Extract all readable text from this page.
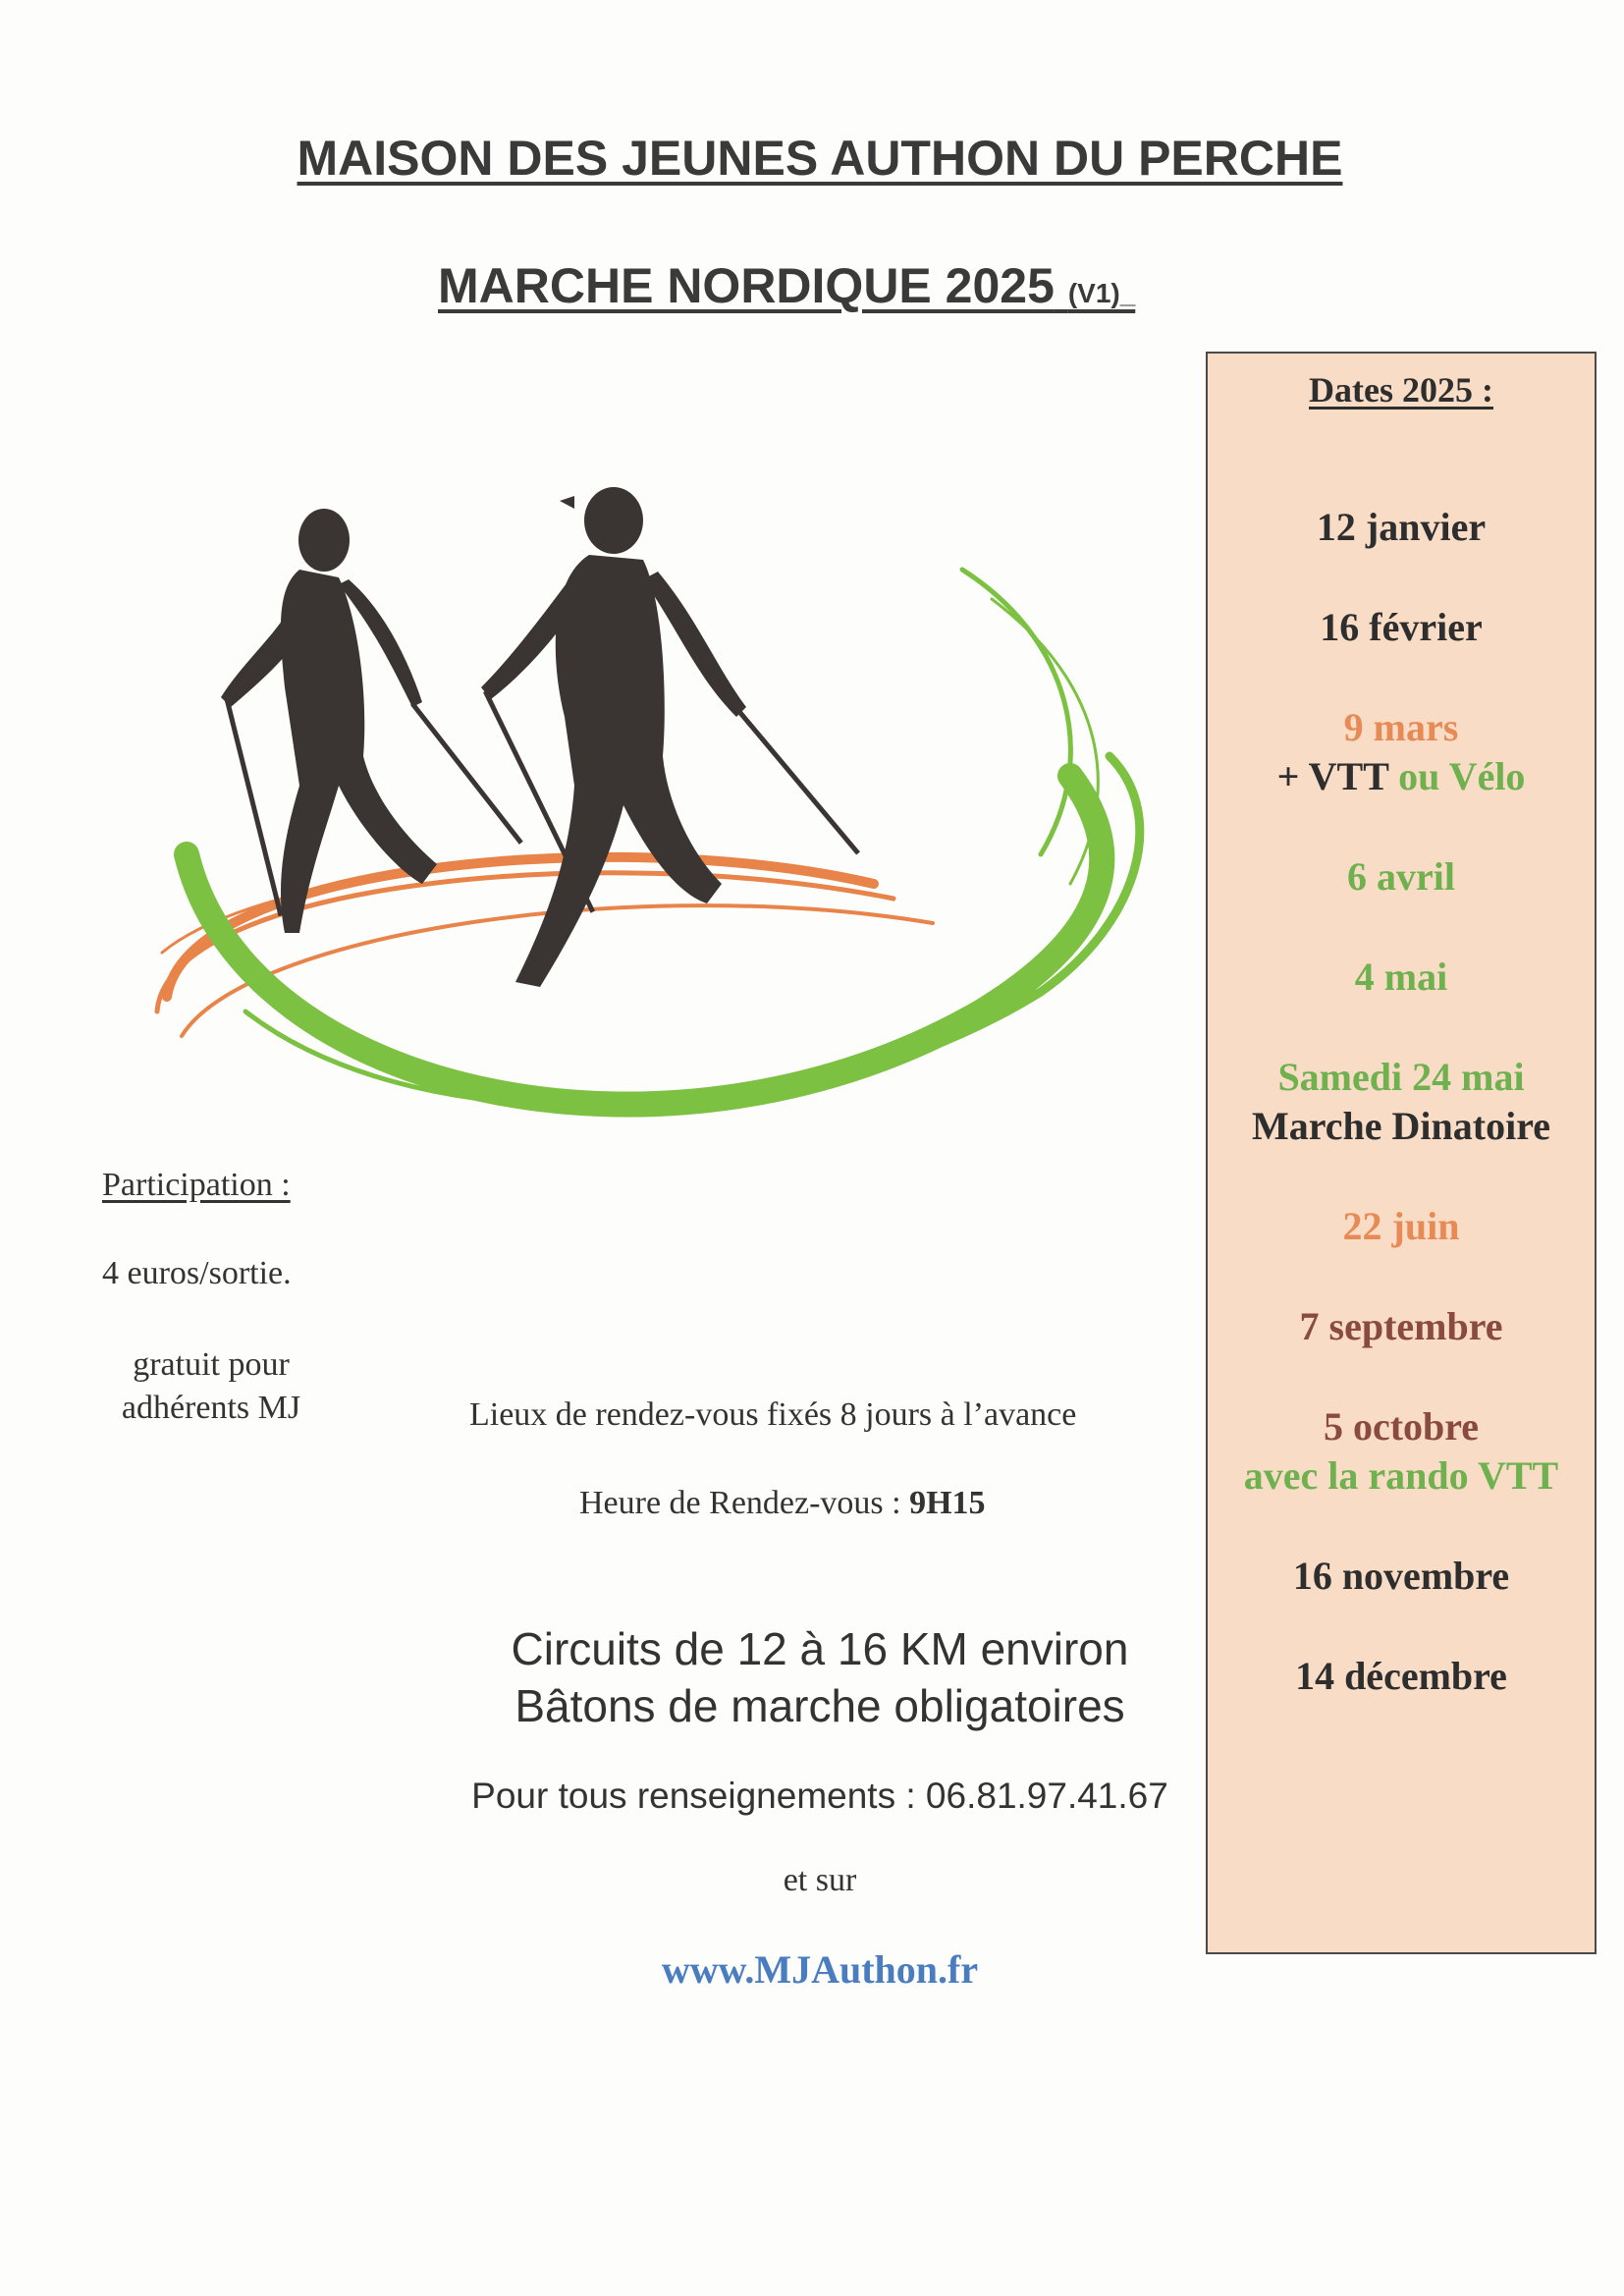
MAISON DES JEUNES AUTHON DU PERCHE
MARCHE NORDIQUE 2025 (V1)_
Dates 2025 :
12 janvier
16 février
9 mars
+ VTT ou Vélo
6 avril
4 mai
Samedi 24 mai
Marche Dinatoire
22 juin
7 septembre
5 octobre
avec la rando VTT
16 novembre
14 décembre
Participation :
4 euros/sortie.
gratuit pour adhérents MJ	Lieux de rendez-vous fixés 8 jours à l’avance
Heure de Rendez-vous : 9H15
Circuits de 12 à 16 KM environ
Bâtons de marche obligatoires
Pour tous renseignements : 06.81.97.41.67
et sur
www.MJAuthon.fr
